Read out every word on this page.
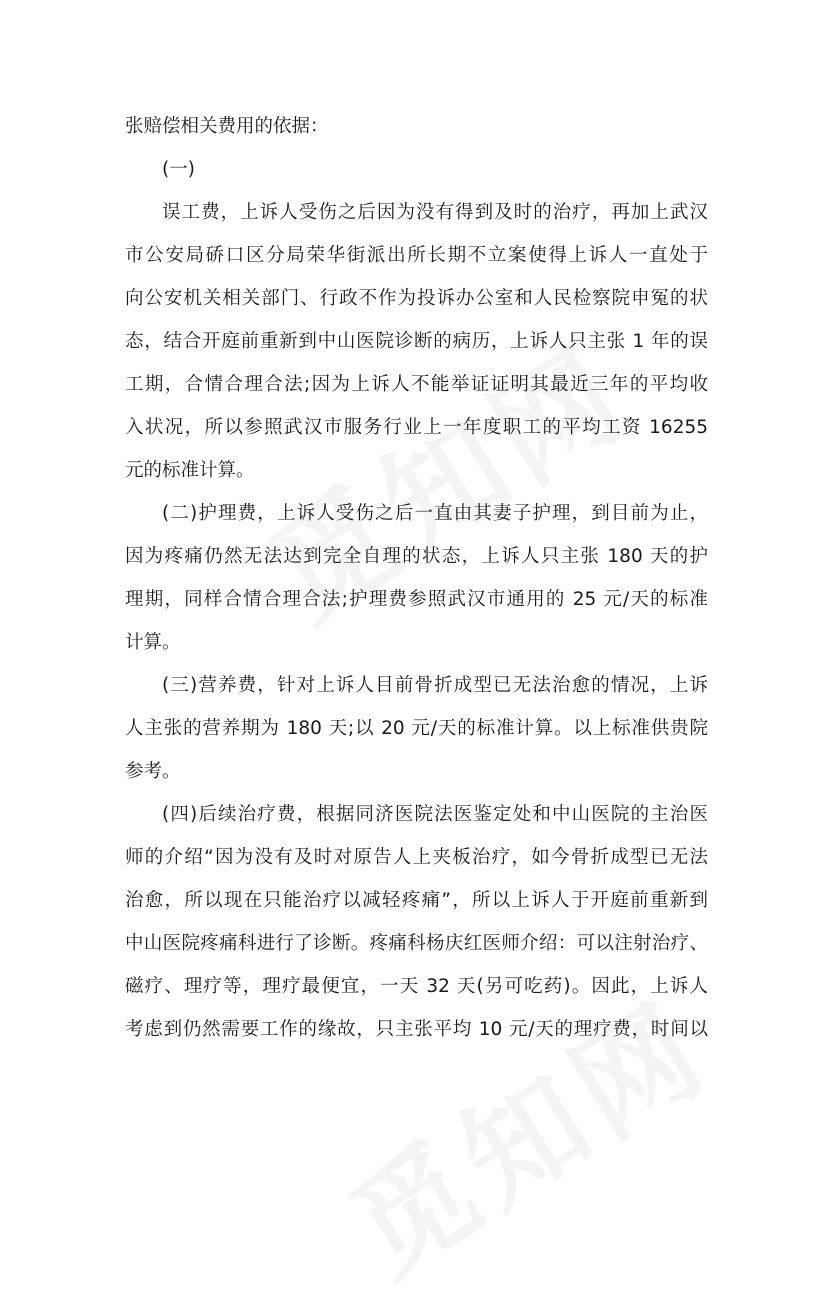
张赔偿相关费用的依据：
(一)
误工费，上诉人受伤之后因为没有得到及时的治疗，再加上武汉
市公安局硚口区分局荣华街派出所长期不立案使得上诉人一直处于
向公安机关相关部门、行政不作为投诉办公室和人民检察院申冤的状
态，结合开庭前重新到中山医院诊断的病历，上诉人只主张 1 年的误
工期，合情合理合法;因为上诉人不能举证证明其最近三年的平均收
入状况，所以参照武汉市服务行业上一年度职工的平均工资 16255
元的标准计算。
(二)护理费，上诉人受伤之后一直由其妻子护理，到目前为止，
因为疼痛仍然无法达到完全自理的状态，上诉人只主张 180 天的护
理期，同样合情合理合法;护理费参照武汉市通用的 25 元/天的标准
计算。
(三)营养费，针对上诉人目前骨折成型已无法治愈的情况，上诉
人主张的营养期为 180 天;以 20 元/天的标准计算。以上标准供贵院
参考。
(四)后续治疗费，根据同济医院法医鉴定处和中山医院的主治医
师的介绍“因为没有及时对原告人上夹板治疗，如今骨折成型已无法
治愈，所以现在只能治疗以减轻疼痛”，所以上诉人于开庭前重新到
中山医院疼痛科进行了诊断。疼痛科杨庆红医师介绍：可以注射治疗、
磁疗、理疗等，理疗最便宜，一天 32 天(另可吃药)。因此，上诉人
考虑到仍然需要工作的缘故，只主张平均 10 元/天的理疗费，时间以
